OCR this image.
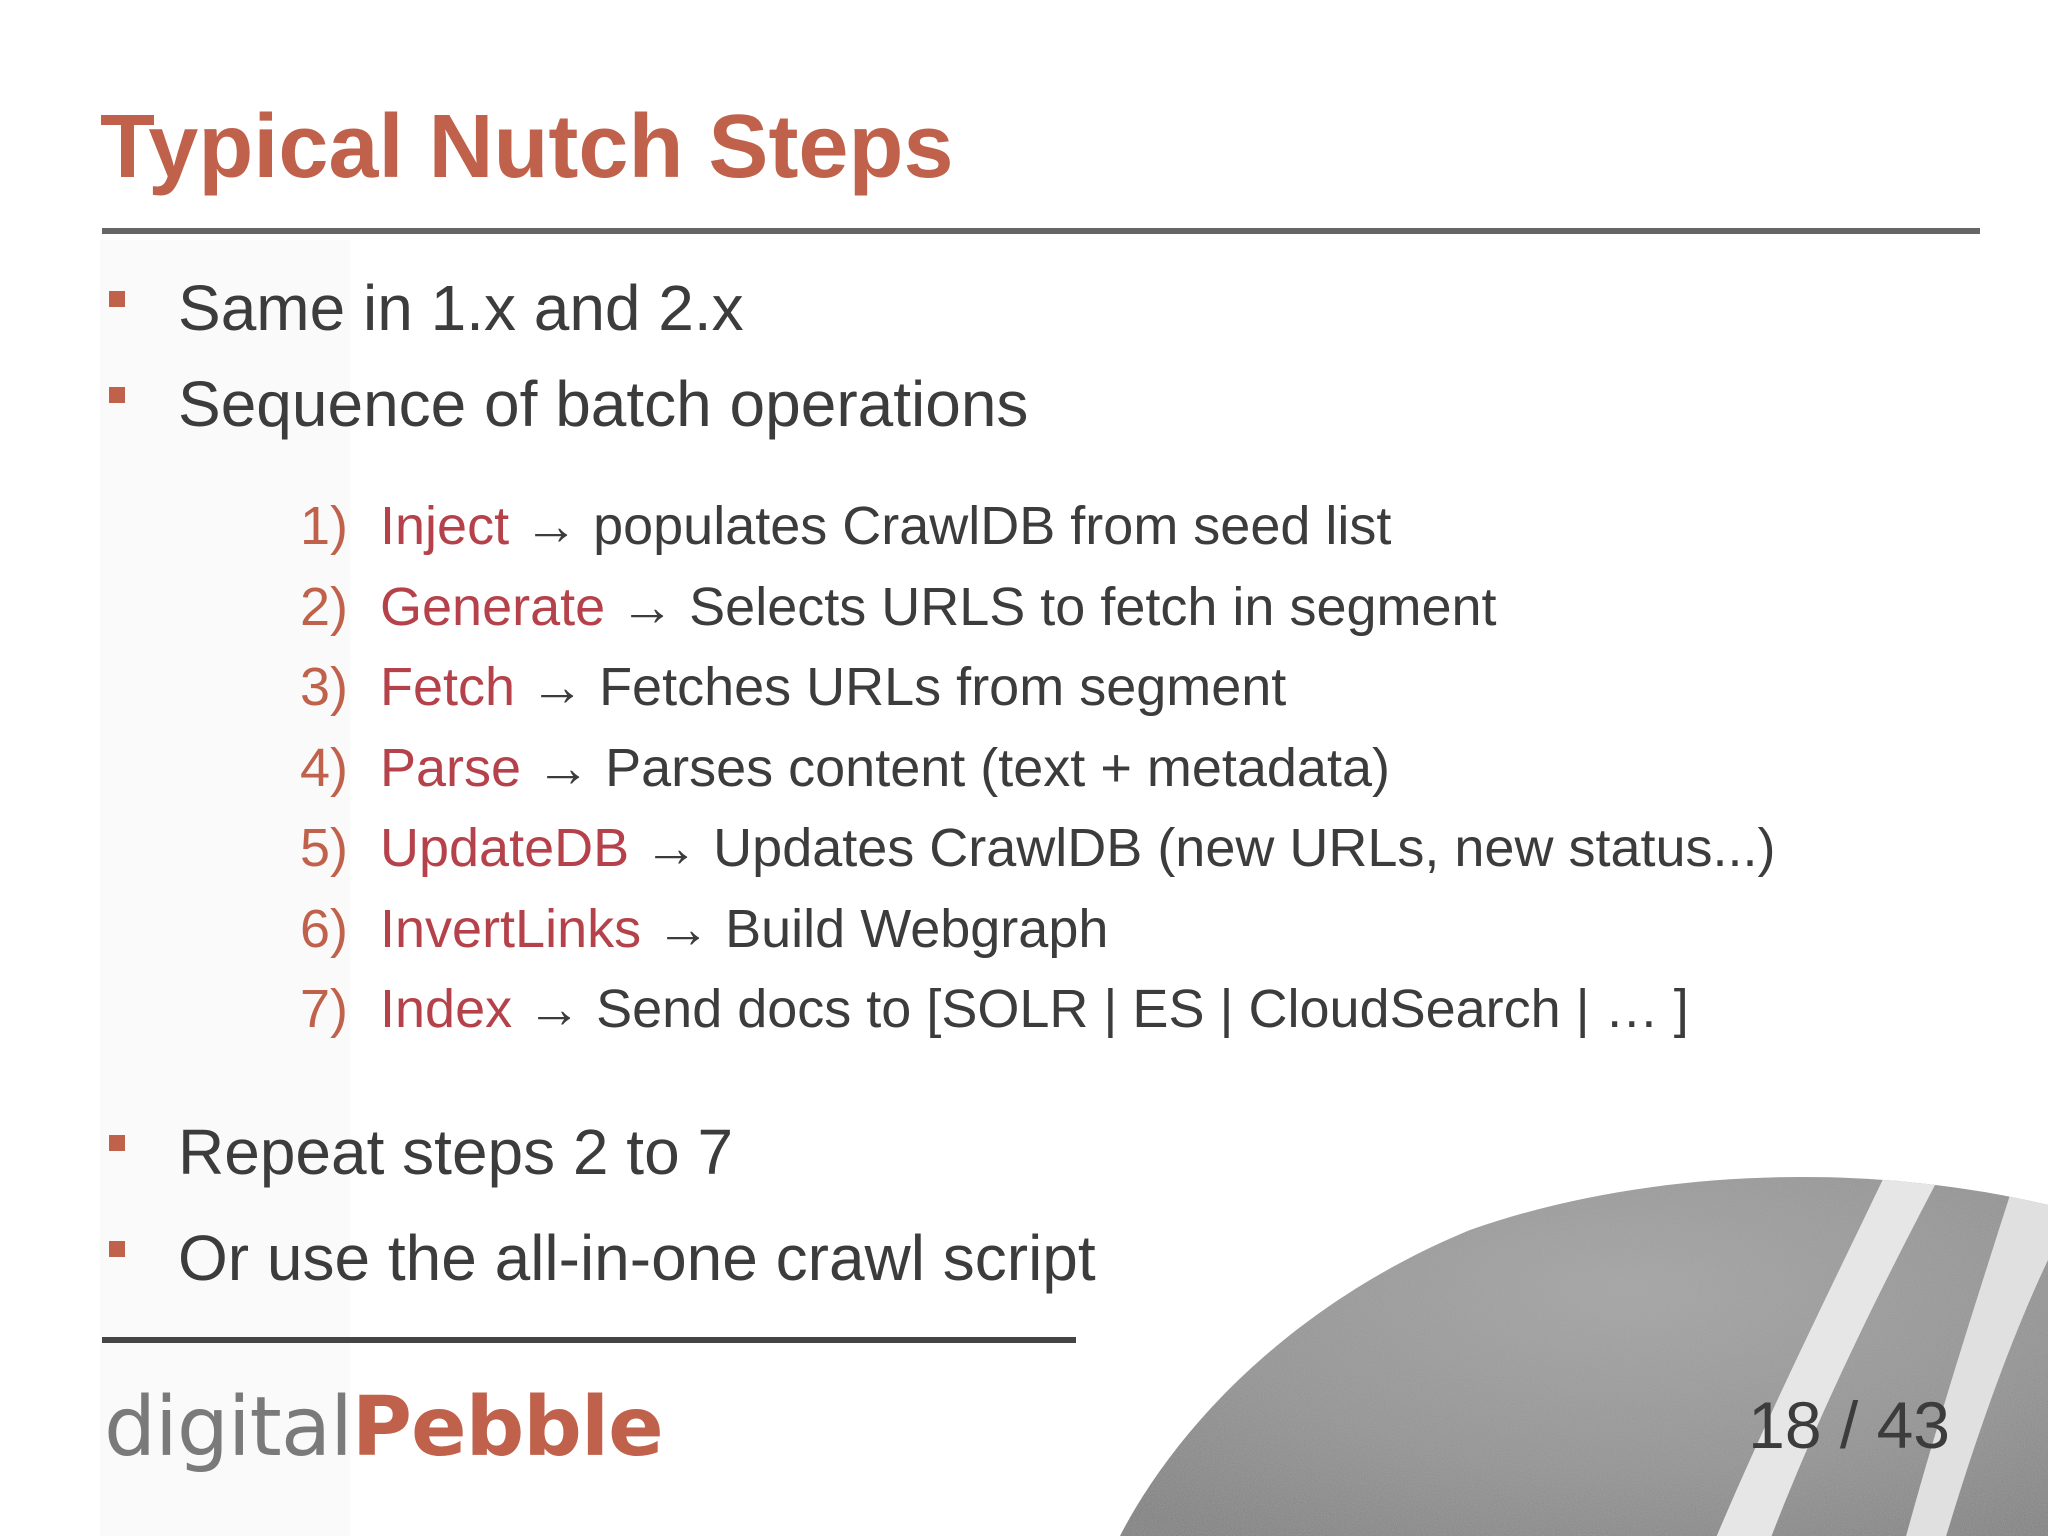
Typical Nutch Steps
Same in 1.x and 2.x
Sequence of batch operations
1) Inject → populates CrawlDB from seed list
2) Generate → Selects URLS to fetch in segment
3) Fetch → Fetches URLs from segment
4) Parse → Parses content (text + metadata)
5) UpdateDB → Updates CrawlDB (new URLs, new status...)
6) InvertLinks → Build Webgraph
7) Index → Send docs to [SOLR | ES | CloudSearch | … ]
Repeat steps 2 to 7
Or use the all-in-one crawl script
digitalPebble	18 / 43
